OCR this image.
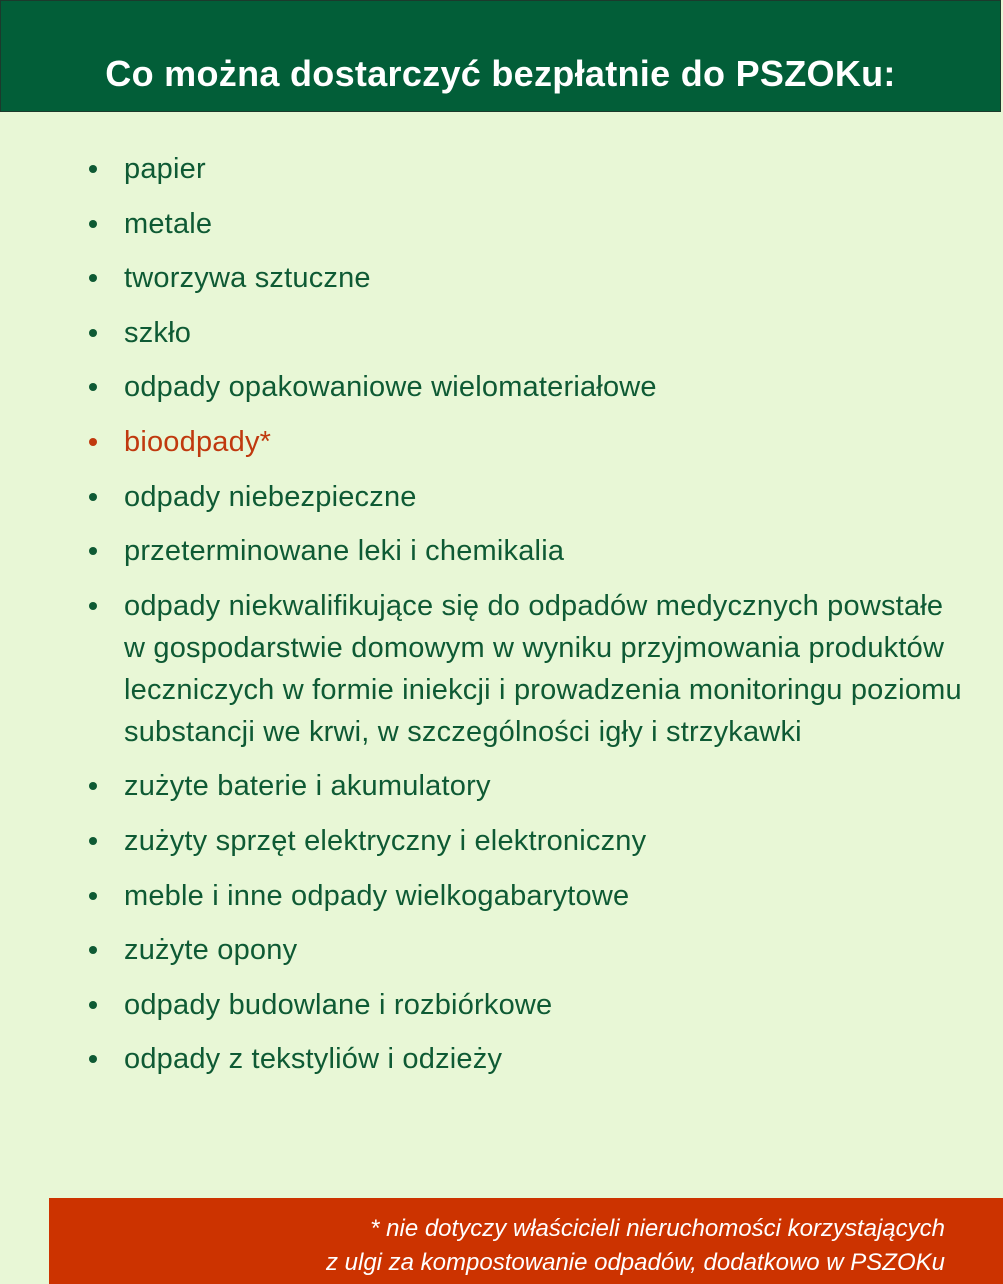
Co można dostarczyć bezpłatnie do PSZOKu:
papier
metale
tworzywa sztuczne
szkło
odpady opakowaniowe wielomateriałowe
bioodpady*
odpady niebezpieczne
przeterminowane leki i chemikalia
odpady niekwalifikujące się do odpadów medycznych powstałe w gospodarstwie domowym w wyniku przyjmowania produktów leczniczych w formie iniekcji i prowadzenia monitoringu poziomu substancji we krwi, w szczególności igły i strzykawki
zużyte baterie i akumulatory
zużyty sprzęt elektryczny i elektroniczny
meble i inne odpady wielkogabarytowe
zużyte opony
odpady budowlane i rozbiórkowe
odpady z tekstyliów i odzieży
* nie dotyczy właścicieli nieruchomości korzystających
z ulgi za kompostowanie odpadów, dodatkowo w PSZOKu
